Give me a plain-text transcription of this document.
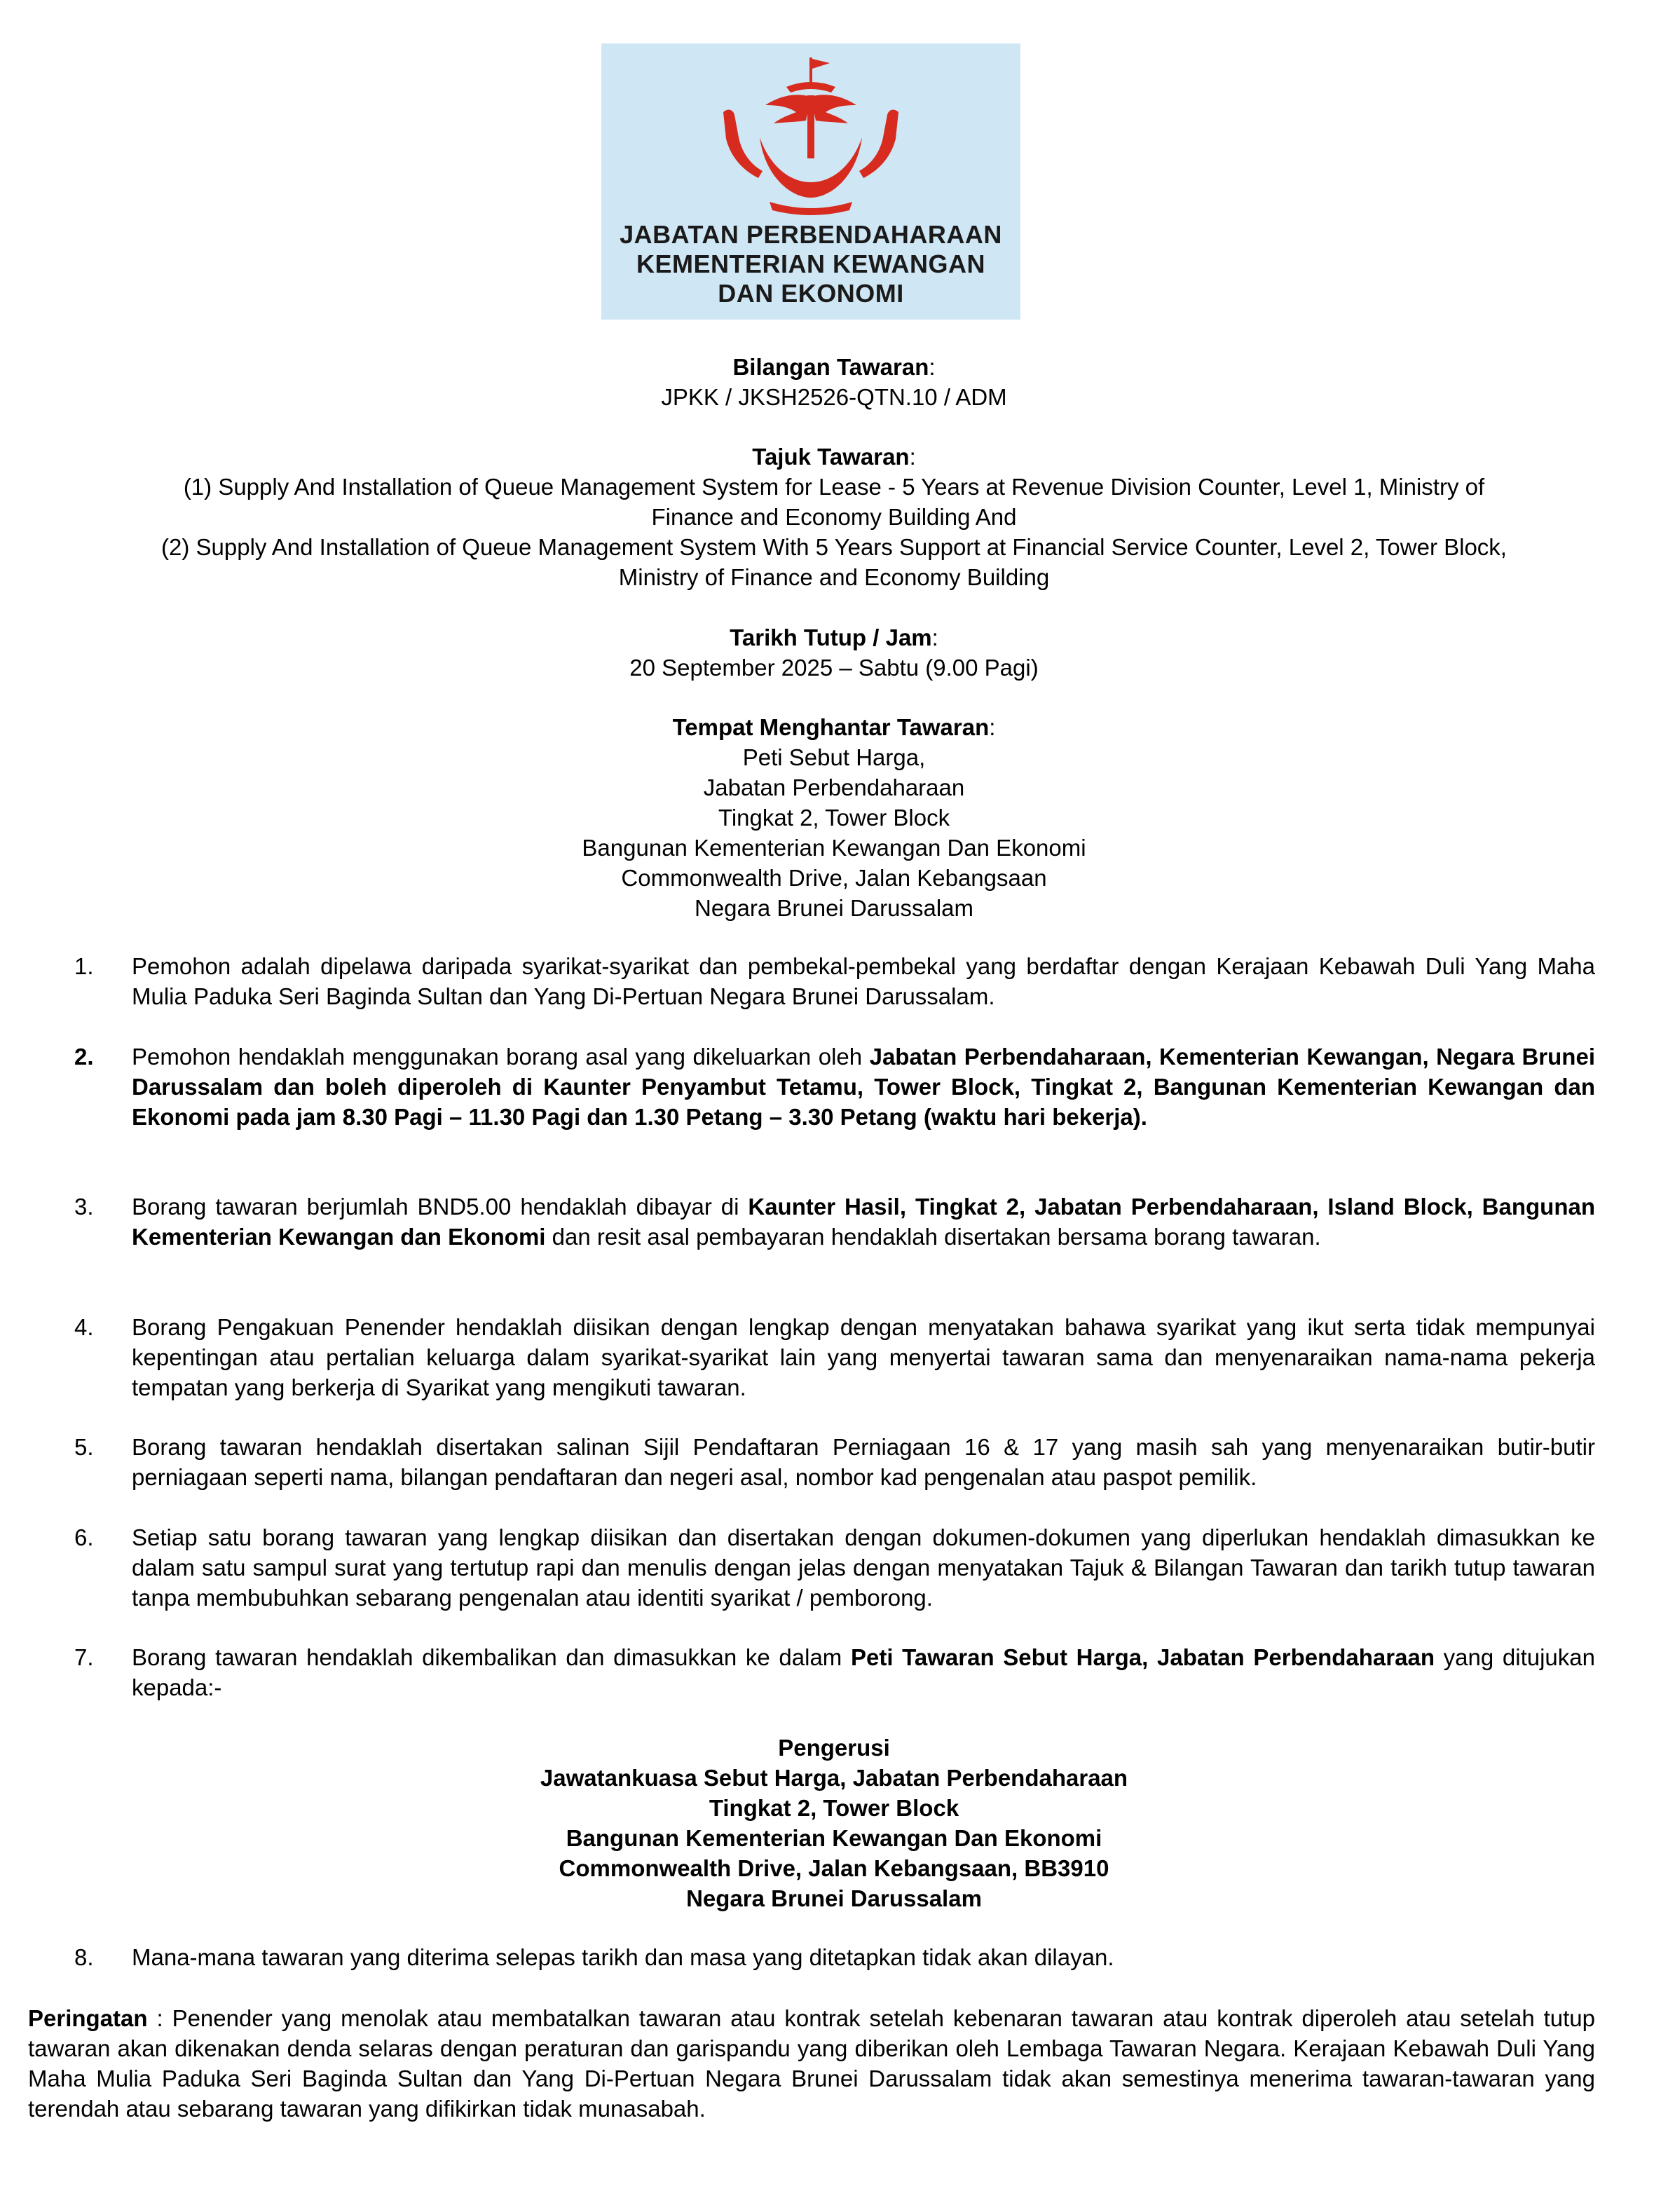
JABATAN PERBENDAHARAAN
KEMENTERIAN KEWANGAN
DAN EKONOMI
Bilangan Tawaran:
JPKK / JKSH2526-QTN.10 / ADM
Tajuk Tawaran:
(1) Supply And Installation of Queue Management System for Lease - 5 Years at Revenue Division Counter, Level 1, Ministry of
Finance and Economy Building And
(2) Supply And Installation of Queue Management System With 5 Years Support at Financial Service Counter, Level 2, Tower Block,
Ministry of Finance and Economy Building
Tarikh Tutup / Jam:
20 September 2025 – Sabtu (9.00 Pagi)
Tempat Menghantar Tawaran:
Peti Sebut Harga,
Jabatan Perbendaharaan
Tingkat 2, Tower Block
Bangunan Kementerian Kewangan Dan Ekonomi
Commonwealth Drive, Jalan Kebangsaan
Negara Brunei Darussalam
1. Pemohon adalah dipelawa daripada syarikat-syarikat dan pembekal-pembekal yang berdaftar dengan Kerajaan Kebawah Duli Yang Maha Mulia Paduka Seri Baginda Sultan dan Yang Di-Pertuan Negara Brunei Darussalam.
2. Pemohon hendaklah menggunakan borang asal yang dikeluarkan oleh Jabatan Perbendaharaan, Kementerian Kewangan, Negara Brunei Darussalam dan boleh diperoleh di Kaunter Penyambut Tetamu, Tower Block, Tingkat 2, Bangunan Kementerian Kewangan dan Ekonomi pada jam 8.30 Pagi – 11.30 Pagi dan 1.30 Petang – 3.30 Petang (waktu hari bekerja).
3. Borang tawaran berjumlah BND5.00 hendaklah dibayar di Kaunter Hasil, Tingkat 2, Jabatan Perbendaharaan, Island Block, Bangunan Kementerian Kewangan dan Ekonomi dan resit asal pembayaran hendaklah disertakan bersama borang tawaran.
4. Borang Pengakuan Penender hendaklah diisikan dengan lengkap dengan menyatakan bahawa syarikat yang ikut serta tidak mempunyai kepentingan atau pertalian keluarga dalam syarikat-syarikat lain yang menyertai tawaran sama dan menyenaraikan nama-nama pekerja tempatan yang berkerja di Syarikat yang mengikuti tawaran.
5. Borang tawaran hendaklah disertakan salinan Sijil Pendaftaran Perniagaan 16 & 17 yang masih sah yang menyenaraikan butir-butir perniagaan seperti nama, bilangan pendaftaran dan negeri asal, nombor kad pengenalan atau paspot pemilik.
6. Setiap satu borang tawaran yang lengkap diisikan dan disertakan dengan dokumen-dokumen yang diperlukan hendaklah dimasukkan ke dalam satu sampul surat yang tertutup rapi dan menulis dengan jelas dengan menyatakan Tajuk & Bilangan Tawaran dan tarikh tutup tawaran tanpa membubuhkan sebarang pengenalan atau identiti syarikat / pemborong.
7. Borang tawaran hendaklah dikembalikan dan dimasukkan ke dalam Peti Tawaran Sebut Harga, Jabatan Perbendaharaan yang ditujukan kepada:-
Pengerusi
Jawatankuasa Sebut Harga, Jabatan Perbendaharaan
Tingkat 2, Tower Block
Bangunan Kementerian Kewangan Dan Ekonomi
Commonwealth Drive, Jalan Kebangsaan, BB3910
Negara Brunei Darussalam
8. Mana-mana tawaran yang diterima selepas tarikh dan masa yang ditetapkan tidak akan dilayan.
Peringatan : Penender yang menolak atau membatalkan tawaran atau kontrak setelah kebenaran tawaran atau kontrak diperoleh atau setelah tutup tawaran akan dikenakan denda selaras dengan peraturan dan garispandu yang diberikan oleh Lembaga Tawaran Negara. Kerajaan Kebawah Duli Yang Maha Mulia Paduka Seri Baginda Sultan dan Yang Di-Pertuan Negara Brunei Darussalam tidak akan semestinya menerima tawaran-tawaran yang terendah atau sebarang tawaran yang difikirkan tidak munasabah.
